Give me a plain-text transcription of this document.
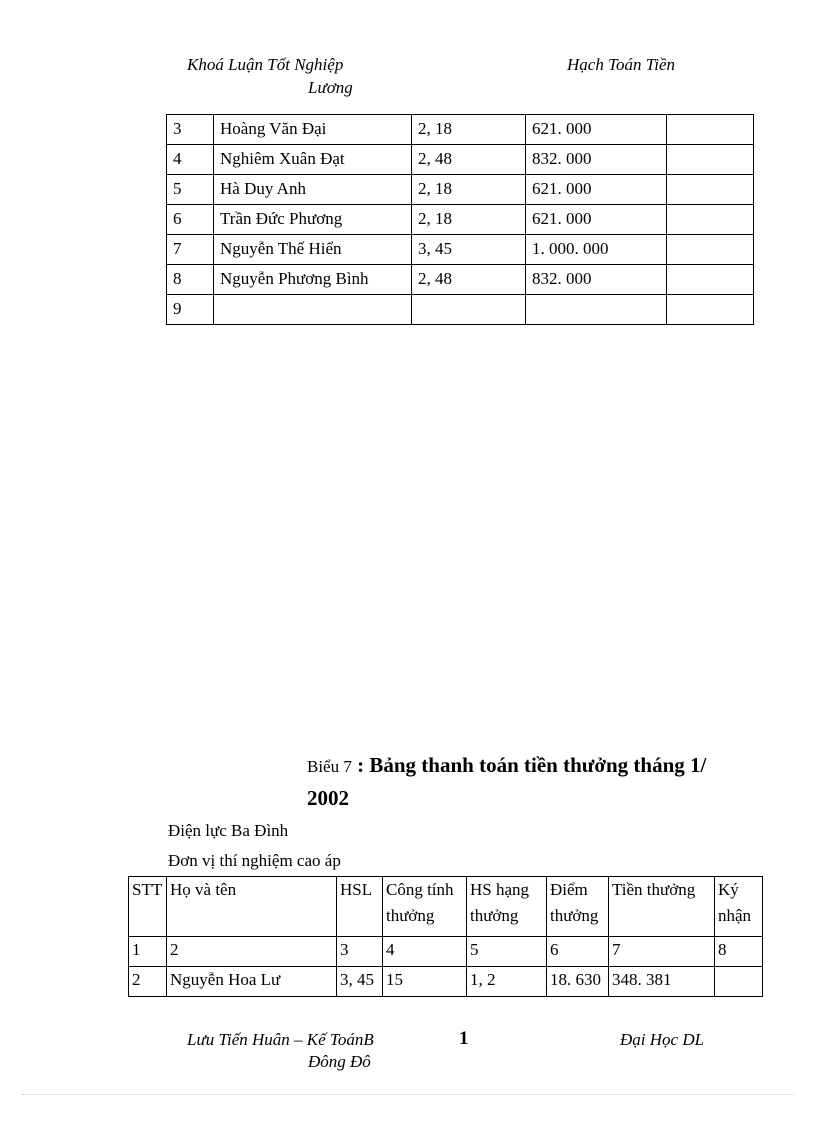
Khoá Luận Tốt Nghiệp
Lương
Hạch Toán Tiền
3	Hoàng Văn Đại	2, 18	621. 000	
4	Nghiêm Xuân Đạt	2, 48	832. 000	
5	Hà Duy Anh	2, 18	621. 000	
6	Trần Đức Phương	2, 18	621. 000	
7	Nguyễn Thế Hiển	3, 45	1. 000. 000	
8	Nguyễn Phương Bình	2, 48	832. 000	
9				
Biểu 7 : Bảng thanh toán tiền thưởng tháng 1/
2002
Điện lực Ba Đình
Đơn vị thí nghiệm cao áp
STT	Họ và tên	HSL	Công tính thưởng	HS hạng thưởng	Điểm thưởng	Tiền thưởng	Ký nhận
1	2	3	4	5	6	7	8
2	Nguyễn Hoa Lư	3, 45	15	1, 2	18. 630	348. 381	
Lưu Tiến Huân – Kế ToánB
Đông Đô
1	Đại Học DL
